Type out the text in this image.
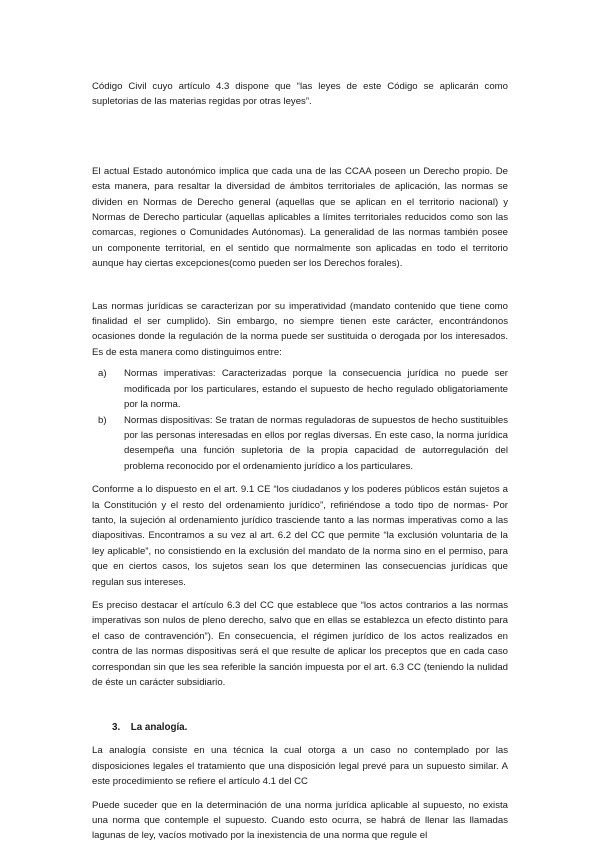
Código Civil cuyo artículo 4.3 dispone que “las leyes de este Código se aplicarán como supletorias de las materias regidas por otras leyes”.

El actual Estado autonómico implica que cada una de las CCAA poseen un Derecho propio. De esta manera, para resaltar la diversidad de ámbitos territoriales de aplicación, las normas se dividen en Normas de Derecho general (aquellas que se aplican en el territorio nacional) y Normas de Derecho particular (aquellas aplicables a límites territoriales reducidos como son las comarcas, regiones o Comunidades Autónomas). La generalidad de las normas también posee un componente territorial, en el sentido que normalmente son aplicadas en todo el territorio aunque hay ciertas excepciones(como pueden ser los Derechos forales).

Las normas jurídicas se caracterizan por su imperatividad (mandato contenido que tiene como finalidad el ser cumplido). Sin embargo, no siempre tienen este carácter, encontrándonos ocasiones donde la regulación de la norma puede ser sustituida o derogada por los interesados. Es de esta manera como distinguimos entre:

a) Normas imperativas: Caracterizadas porque la consecuencia jurídica no puede ser modificada por los particulares, estando el supuesto de hecho regulado obligatoriamente por la norma.
b) Normas dispositivas: Se tratan de normas reguladoras de supuestos de hecho sustituibles por las personas interesadas en ellos por reglas diversas. En este caso, la norma jurídica desempeña una función supletoria de la propia capacidad de autorregulación del problema reconocido por el ordenamiento jurídico a los particulares.

Conforme a lo dispuesto en el art. 9.1 CE “los ciudadanos y los poderes públicos están sujetos a la Constitución y el resto del ordenamiento jurídico”, refiriéndose a todo tipo de normas- Por tanto, la sujeción al ordenamiento jurídico trasciende tanto a las normas imperativas como a las diapositivas. Encontramos a su vez al art. 6.2 del CC que permite “la exclusión voluntaria de la ley aplicable”, no consistiendo en la exclusión del mandato de la norma sino en el permiso, para que en ciertos casos, los sujetos sean los que determinen las consecuencias jurídicas que regulan sus intereses.

Es preciso destacar el artículo 6.3 del CC que establece que “los actos contrarios a las normas imperativas son nulos de pleno derecho, salvo que en ellas se establezca un efecto distinto para el caso de contravención”). En consecuencia, el régimen jurídico de los actos realizados en contra de las normas dispositivas será el que resulte de aplicar los preceptos que en cada caso correspondan sin que les sea referible la sanción impuesta por el art. 6.3 CC (teniendo la nulidad de éste un carácter subsidiario.

3. La analogía.

La analogía consiste en una técnica la cual otorga a un caso no contemplado por las disposiciones legales el tratamiento que una disposición legal prevé para un supuesto similar. A este procedimiento se refiere el artículo 4.1 del CC

Puede suceder que en la determinación de una norma jurídica aplicable al supuesto, no exista una norma que contemple el supuesto. Cuando esto ocurra, se habrá de llenar las llamadas lagunas de ley, vacíos motivado por la inexistencia de una norma que regule el
